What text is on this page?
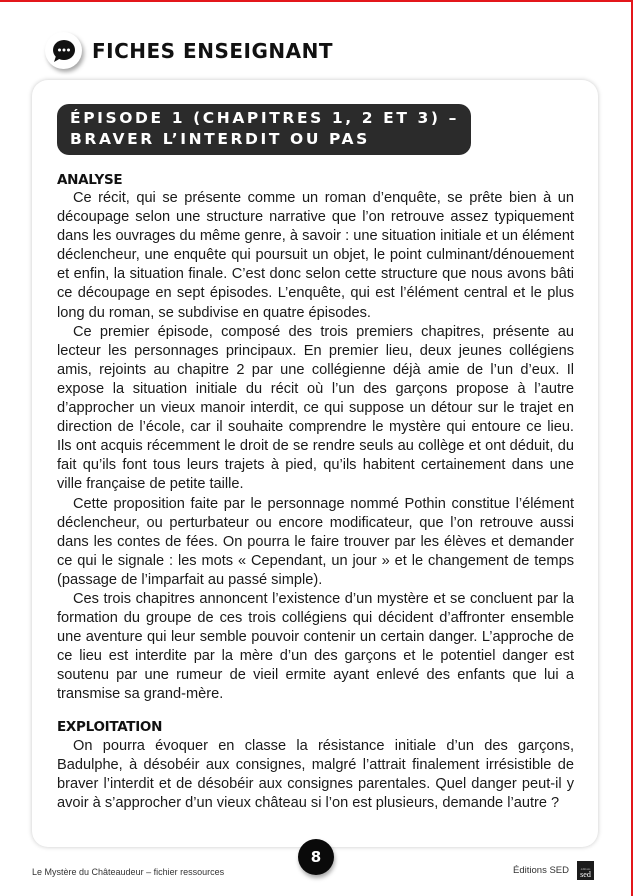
FICHES ENSEIGNANT
ÉPISODE 1 (CHAPITRES 1, 2 ET 3) –
BRAVER L’INTERDIT OU PAS
ANALYSE

Ce récit, qui se présente comme un roman d’enquête, se prête bien à un découpage selon une structure narrative que l’on retrouve assez typiquement dans les ouvrages du même genre, à savoir : une situation initiale et un élément déclencheur, une enquête qui poursuit un objet, le point culminant/dénouement et enfin, la situation finale. C’est donc selon cette structure que nous avons bâti ce découpage en sept épisodes. L’enquête, qui est l’élément central et le plus long du roman, se subdivise en quatre épisodes.

Ce premier épisode, composé des trois premiers chapitres, présente au lecteur les personnages principaux. En premier lieu, deux jeunes collégiens amis, rejoints au chapitre 2 par une collégienne déjà amie de l’un d’eux. Il expose la situation initiale du récit où l’un des garçons propose à l’autre d’approcher un vieux manoir interdit, ce qui suppose un détour sur le trajet en direction de l’école, car il souhaite comprendre le mystère qui entoure ce lieu. Ils ont acquis récemment le droit de se rendre seuls au collège et ont déduit, du fait qu’ils font tous leurs trajets à pied, qu’ils habitent certainement dans une ville française de petite taille.

Cette proposition faite par le personnage nommé Pothin constitue l’élément déclencheur, ou perturbateur ou encore modificateur, que l’on retrouve aussi dans les contes de fées. On pourra le faire trouver par les élèves et demander ce qui le signale : les mots « Cependant, un jour » et le changement de temps (passage de l’imparfait au passé simple).

Ces trois chapitres annoncent l’existence d’un mystère et se concluent par la formation du groupe de ces trois collégiens qui décident d’affronter ensemble une aventure qui leur semble pouvoir contenir un certain danger. L’approche de ce lieu est interdite par la mère d’un des garçons et le potentiel danger est soutenu par une rumeur de vieil ermite ayant enlevé des enfants que lui a transmise sa grand-mère.

EXPLOITATION

On pourra évoquer en classe la résistance initiale d’un des garçons, Badulphe, à désobéir aux consignes, malgré l’attrait finalement irrésistible de braver l’interdit et de désobéir aux consignes parentales. Quel danger peut-il y avoir à s’approcher d’un vieux château si l’on est plusieurs, demande l’autre ?

8
Le Mystère du Châteaudeur – fichier ressources	Éditions SED	éditions
sed
